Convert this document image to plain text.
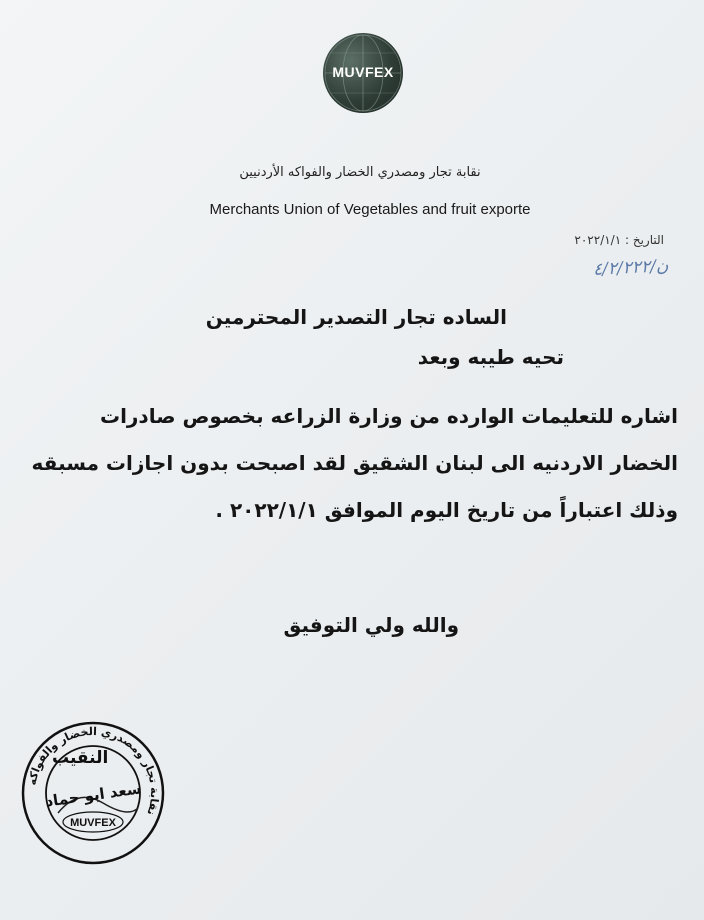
MUVFEX
نقابة تجار ومصدري الخضار والفواكه الأردنيين
Merchants Union of Vegetables and fruit exporte
التاريخ : ٢٠٢٢/١/١
ن/٤/٢/٢٢٢
الساده تجار التصدير المحترمين
تحيه طيبه وبعد
اشاره للتعليمات الوارده من وزارة الزراعه بخصوص صادرات
الخضار الاردنيه الى لبنان الشقيق لقد اصبحت بدون اجازات مسبقه
وذلك اعتباراً من تاريخ اليوم الموافق ٢٠٢٢/١/١ .
والله ولي التوفيق
نقابة تجار ومصدري الخضار والفواكه
MUVFEX
النقيب
سعد ابو حماد
